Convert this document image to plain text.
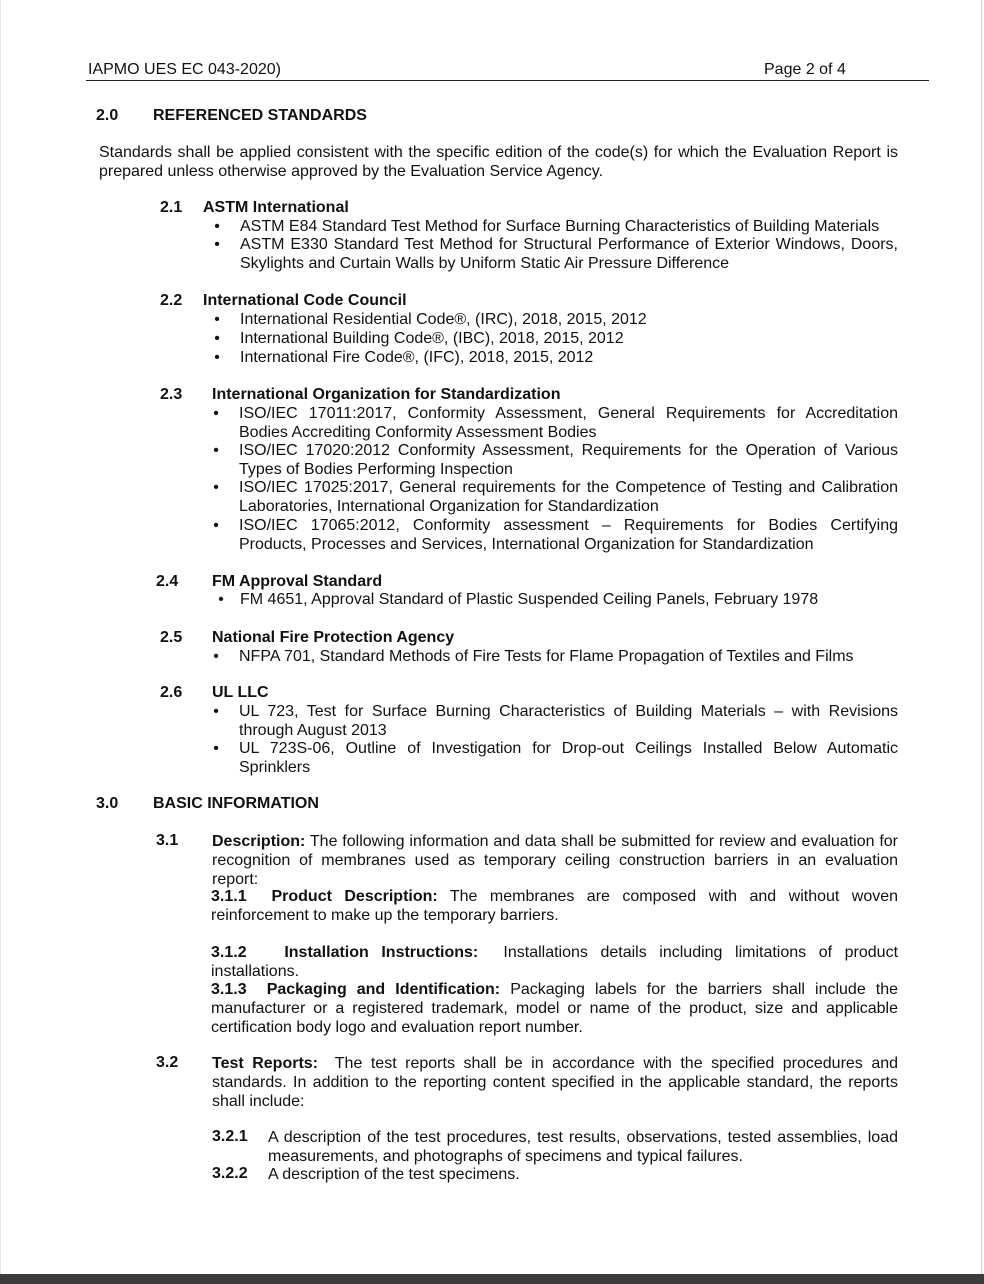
IAPMO UES EC 043-2020)	Page 2 of 4
2.0 REFERENCED STANDARDS
Standards shall be applied consistent with the specific edition of the code(s) for which the Evaluation Report is prepared unless otherwise approved by the Evaluation Service Agency.
2.1 ASTM International
• ASTM E84 Standard Test Method for Surface Burning Characteristics of Building Materials
• ASTM E330 Standard Test Method for Structural Performance of Exterior Windows, Doors, Skylights and Curtain Walls by Uniform Static Air Pressure Difference
2.2 International Code Council
• International Residential Code®, (IRC), 2018, 2015, 2012
• International Building Code®, (IBC), 2018, 2015, 2012
• International Fire Code®, (IFC), 2018, 2015, 2012
2.3 International Organization for Standardization
• ISO/IEC 17011:2017, Conformity Assessment, General Requirements for Accreditation Bodies Accrediting Conformity Assessment Bodies
• ISO/IEC 17020:2012 Conformity Assessment, Requirements for the Operation of Various Types of Bodies Performing Inspection
• ISO/IEC 17025:2017, General requirements for the Competence of Testing and Calibration Laboratories, International Organization for Standardization
• ISO/IEC 17065:2012, Conformity assessment – Requirements for Bodies Certifying Products, Processes and Services, International Organization for Standardization
2.4 FM Approval Standard
• FM 4651, Approval Standard of Plastic Suspended Ceiling Panels, February 1978
2.5 National Fire Protection Agency
• NFPA 701, Standard Methods of Fire Tests for Flame Propagation of Textiles and Films
2.6 UL LLC
• UL 723, Test for Surface Burning Characteristics of Building Materials – with Revisions through August 2013
• UL 723S-06, Outline of Investigation for Drop-out Ceilings Installed Below Automatic Sprinklers
3.0 BASIC INFORMATION
3.1 Description: The following information and data shall be submitted for review and evaluation for recognition of membranes used as temporary ceiling construction barriers in an evaluation report:
3.1.1 Product Description: The membranes are composed with and without woven reinforcement to make up the temporary barriers.
3.1.2 Installation Instructions: Installations details including limitations of product installations.
3.1.3 Packaging and Identification: Packaging labels for the barriers shall include the manufacturer or a registered trademark, model or name of the product, size and applicable certification body logo and evaluation report number.
3.2 Test Reports: The test reports shall be in accordance with the specified procedures and standards. In addition to the reporting content specified in the applicable standard, the reports shall include:
3.2.1 A description of the test procedures, test results, observations, tested assemblies, load measurements, and photographs of specimens and typical failures.
3.2.2 A description of the test specimens.
